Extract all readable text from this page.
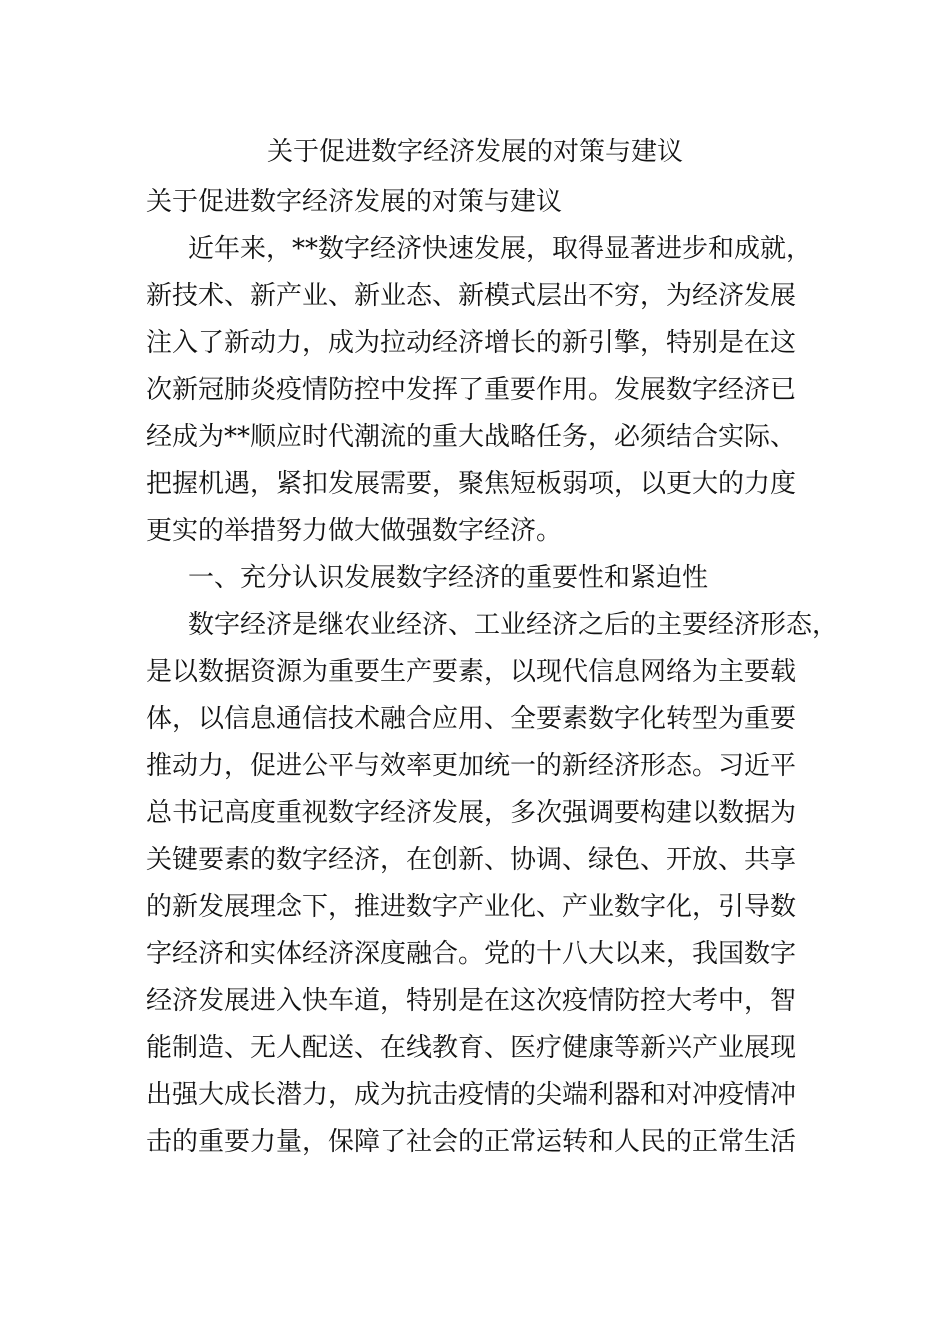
关于促进数字经济发展的对策与建议
关于促进数字经济发展的对策与建议
近年来，**数字经济快速发展，取得显著进步和成就，
新技术、新产业、新业态、新模式层出不穷，为经济发展
注入了新动力，成为拉动经济增长的新引擎，特别是在这
次新冠肺炎疫情防控中发挥了重要作用。发展数字经济已
经成为**顺应时代潮流的重大战略任务，必须结合实际、
把握机遇，紧扣发展需要，聚焦短板弱项，以更大的力度
更实的举措努力做大做强数字经济。
一、充分认识发展数字经济的重要性和紧迫性
数字经济是继农业经济、工业经济之后的主要经济形态，
是以数据资源为重要生产要素，以现代信息网络为主要载
体，以信息通信技术融合应用、全要素数字化转型为重要
推动力，促进公平与效率更加统一的新经济形态。习近平
总书记高度重视数字经济发展，多次强调要构建以数据为
关键要素的数字经济，在创新、协调、绿色、开放、共享
的新发展理念下，推进数字产业化、产业数字化，引导数
字经济和实体经济深度融合。党的十八大以来，我国数字
经济发展进入快车道，特别是在这次疫情防控大考中，智
能制造、无人配送、在线教育、医疗健康等新兴产业展现
出强大成长潜力，成为抗击疫情的尖端利器和对冲疫情冲
击的重要力量，保障了社会的正常运转和人民的正常生活
